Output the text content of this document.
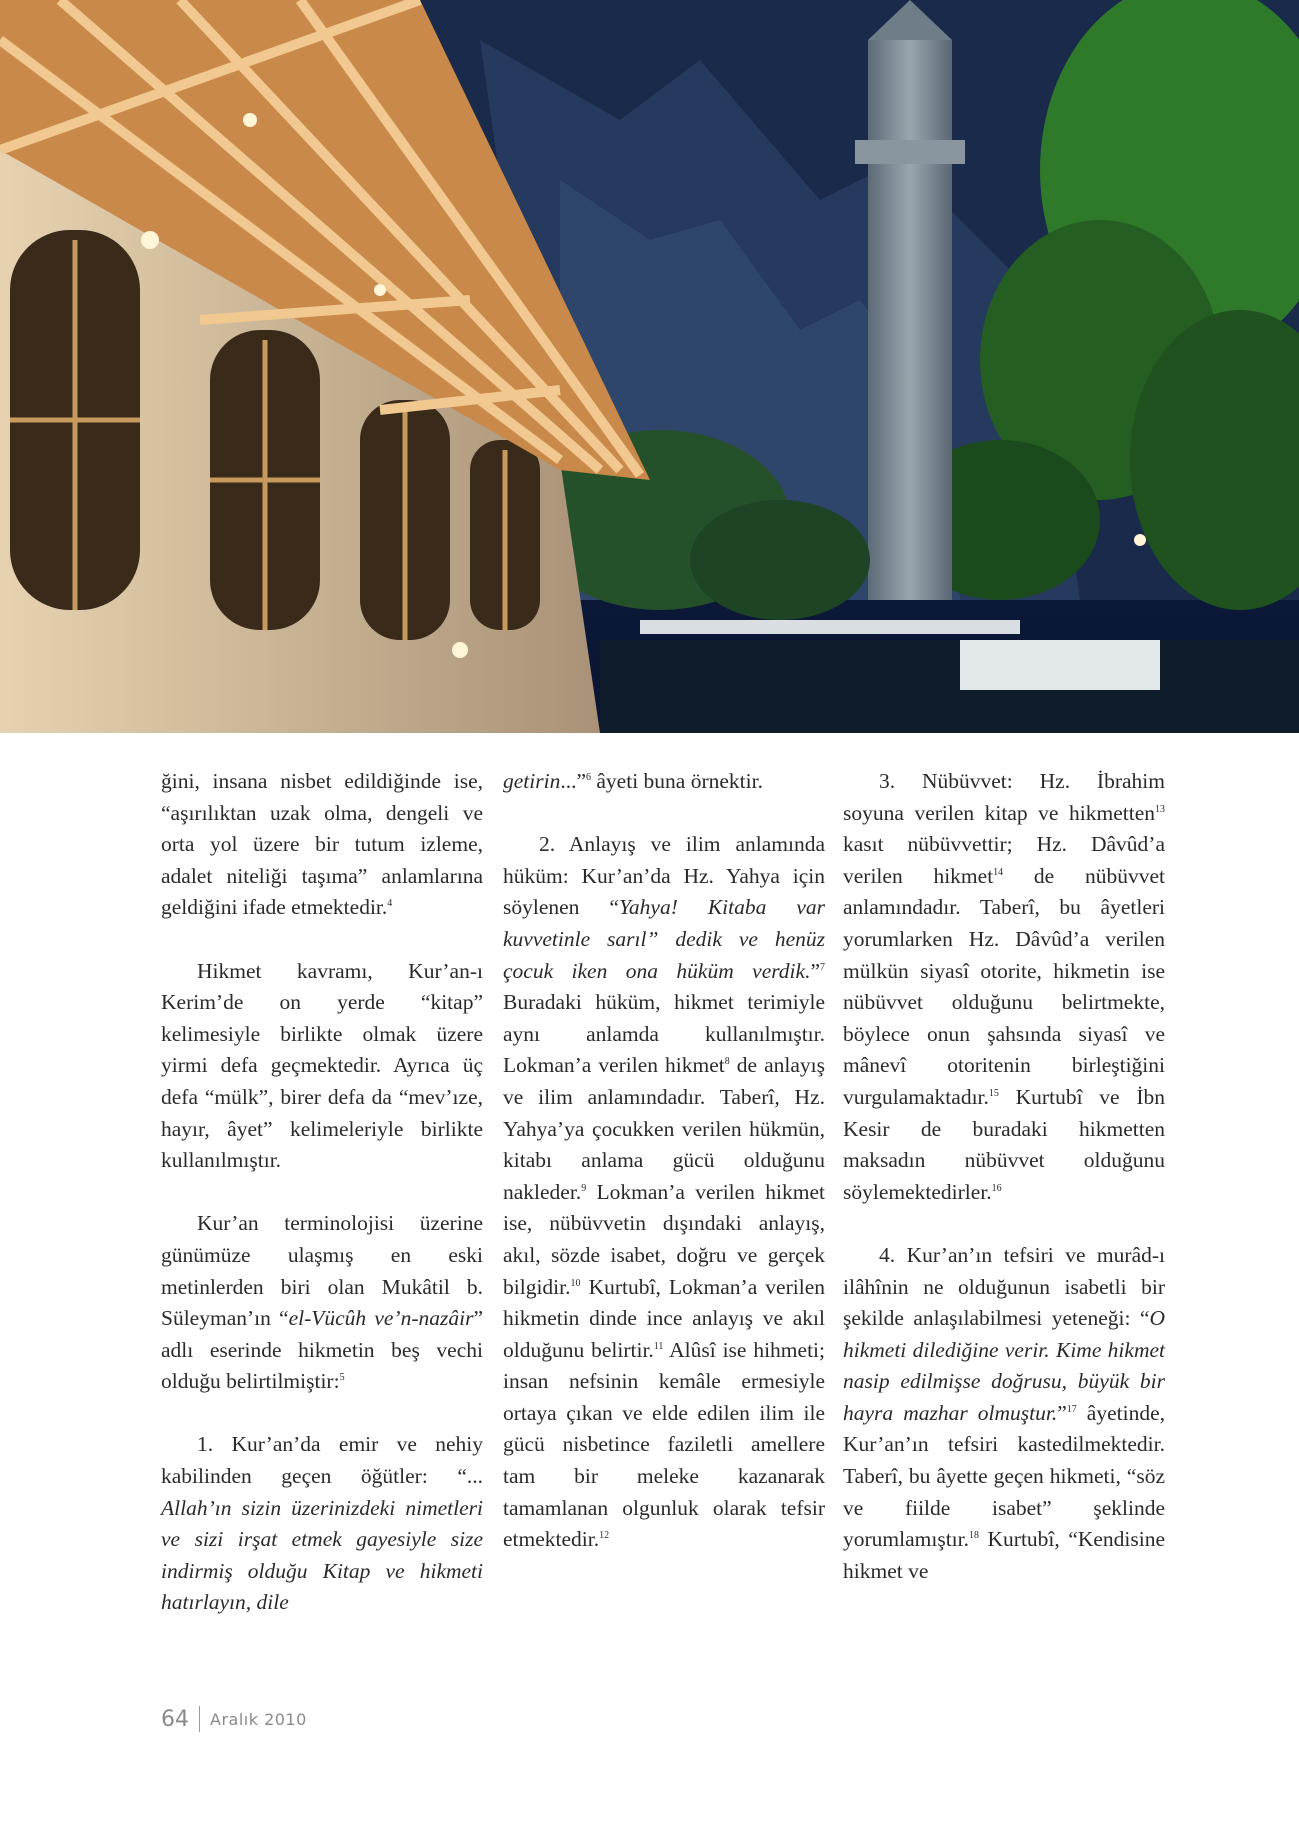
ğini, insana nisbet edildiğinde ise, “aşırılıktan uzak olma, dengeli ve orta yol üzere bir tutum izleme, adalet niteliği taşıma” anlamlarına geldiğini ifade etmektedir.$^4$

Hikmet kavramı, Kur’an-ı Kerim’de on yerde “kitap” kelimesiyle birlikte olmak üzere yirmi defa geçmektedir. Ayrıca üç defa “mülk”, birer defa da “mev’ıze, hayır, âyet” kelimeleriyle birlikte kullanılmıştır.

Kur’an terminolojisi üzerine günümüze ulaşmış en eski metinlerden biri olan Mukâtil b. Süleyman’ın “el-Vücûh ve’n-nazâir” adlı eserinde hikmetin beş vechi olduğu belirtilmiştir:$^5$

1. Kur’an’da emir ve nehiy kabilinden geçen öğütler: “... Allah’ın sizin üzerinizdeki nimetleri ve sizi irşat etmek gayesiyle size indirmiş olduğu Kitap ve hikmeti hatırlayın, dile

getirin...”$^6$ âyeti buna örnektir.

2. Anlayış ve ilim anlamında hüküm: Kur’an’da Hz. Yahya için söylenen “Yahya! Kitaba var kuvvetinle sarıl” dedik ve henüz çocuk iken ona hüküm verdik.”$^7$ Buradaki hüküm, hikmet terimiyle aynı anlamda kullanılmıştır. Lokman’a verilen hikmet$^8$ de anlayış ve ilim anlamındadır. Taberî, Hz. Yahya’ya çocukken verilen hükmün, kitabı anlama gücü olduğunu nakleder.$^9$ Lokman’a verilen hikmet ise, nübüvvetin dışındaki anlayış, akıl, sözde isabet, doğru ve gerçek bilgidir.$^{10}$ Kurtubî, Lokman’a verilen hikmetin dinde ince anlayış ve akıl olduğunu belirtir.$^{11}$ Alûsî ise hihmeti; insan nefsinin kemâle ermesiyle ortaya çıkan ve elde edilen ilim ile gücü nisbetince faziletli amellere tam bir meleke kazanarak tamamlanan olgunluk olarak tefsir etmektedir.$^{12}$

3. Nübüvvet: Hz. İbrahim soyuna verilen kitap ve hikmetten$^{13}$ kasıt nübüvvettir; Hz. Dâvûd’a verilen hikmet$^{14}$ de nübüvvet anlamındadır. Taberî, bu âyetleri yorumlarken Hz. Dâvûd’a verilen mülkün siyasî otorite, hikmetin ise nübüvvet olduğunu belirtmekte, böylece onun şahsında siyasî ve mânevî otoritenin birleştiğini vurgulamaktadır.$^{15}$ Kurtubî ve İbn Kesir de buradaki hikmetten maksadın nübüvvet olduğunu söylemektedirler.$^{16}$

4. Kur’an’ın tefsiri ve murâd-ı ilâhînin ne olduğunun isabetli bir şekilde anlaşılabilmesi yeteneği: “O hikmeti dilediğine verir. Kime hikmet nasip edilmişse doğrusu, büyük bir hayra mazhar olmuştur.”$^{17}$ âyetinde, Kur’an’ın tefsiri kastedilmektedir. Taberî, bu âyette geçen hikmeti, “söz ve fiilde isabet” şeklinde yorumlamıştır.$^{18}$ Kurtubî, “Kendisine hikmet ve

64 Aralık 2010
